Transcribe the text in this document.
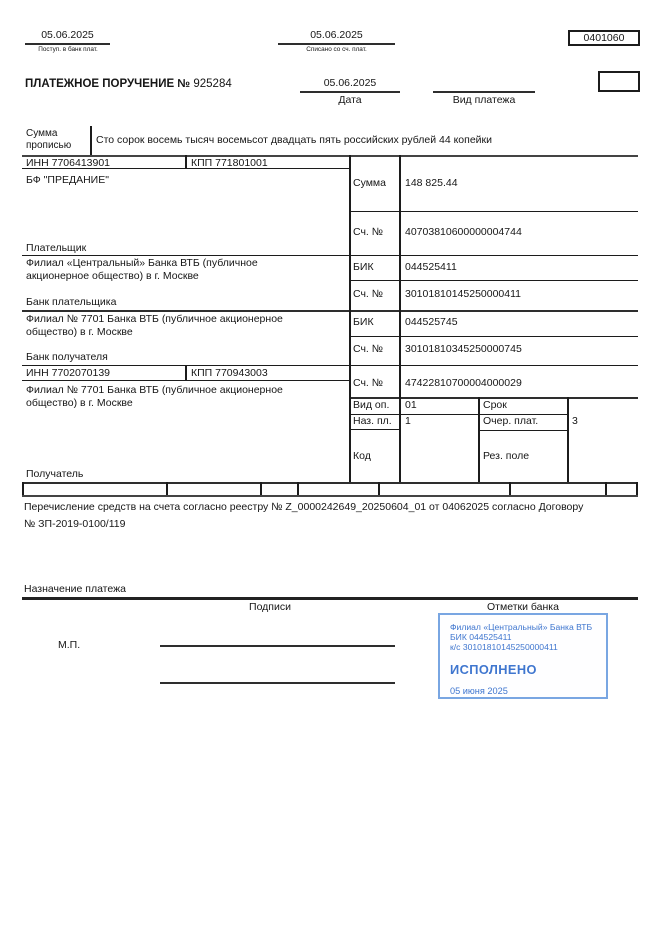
05.06.2025
Поступ. в банк плат.
05.06.2025
Списано со сч. плат.
0401060
ПЛАТЕЖНОЕ ПОРУЧЕНИЕ № 925284	05.06.2025
Дата	Вид платежа
Сумма прописью	Сто сорок восемь тысяч восемьсот двадцать пять российских рублей 44 копейки
ИНН 7706413901	КПП 771801001
БФ "ПРЕДАНИЕ"
Плательщик
Сумма 148 825.44
Сч. № 40703810600000004744
Филиал «Центральный» Банка ВТБ (публичное акционерное общество) в г. Москве
Банк плательщика
БИК	044525411
Сч. № 30101810145250000411
Филиал № 7701 Банка ВТБ (публичное акционерное общество) в г. Москве
Банк получателя
БИК	044525745
Сч. № 30101810345250000745
ИНН 7702070139	КПП 770943003
Филиал № 7701 Банка ВТБ (публичное акционерное общество) в г. Москве
Получатель
Сч. № 47422810700004000029
Вид оп. 01	Срок
Наз. пл. 1	Очер. плат.	3
Код	Рез. поле
Перечисление средств на счета согласно реестру № Z_0000242649_20250604_01 от 04062025 согласно Договору
№ ЗП-2019-0100/119
Назначение платежа
Подписи	Отметки банка
М.П.
Филиал «Центральный» Банка ВТБ
БИК 044525411
к/с 30101810145250000411
ИСПОЛНЕНО
05 июня 2025
